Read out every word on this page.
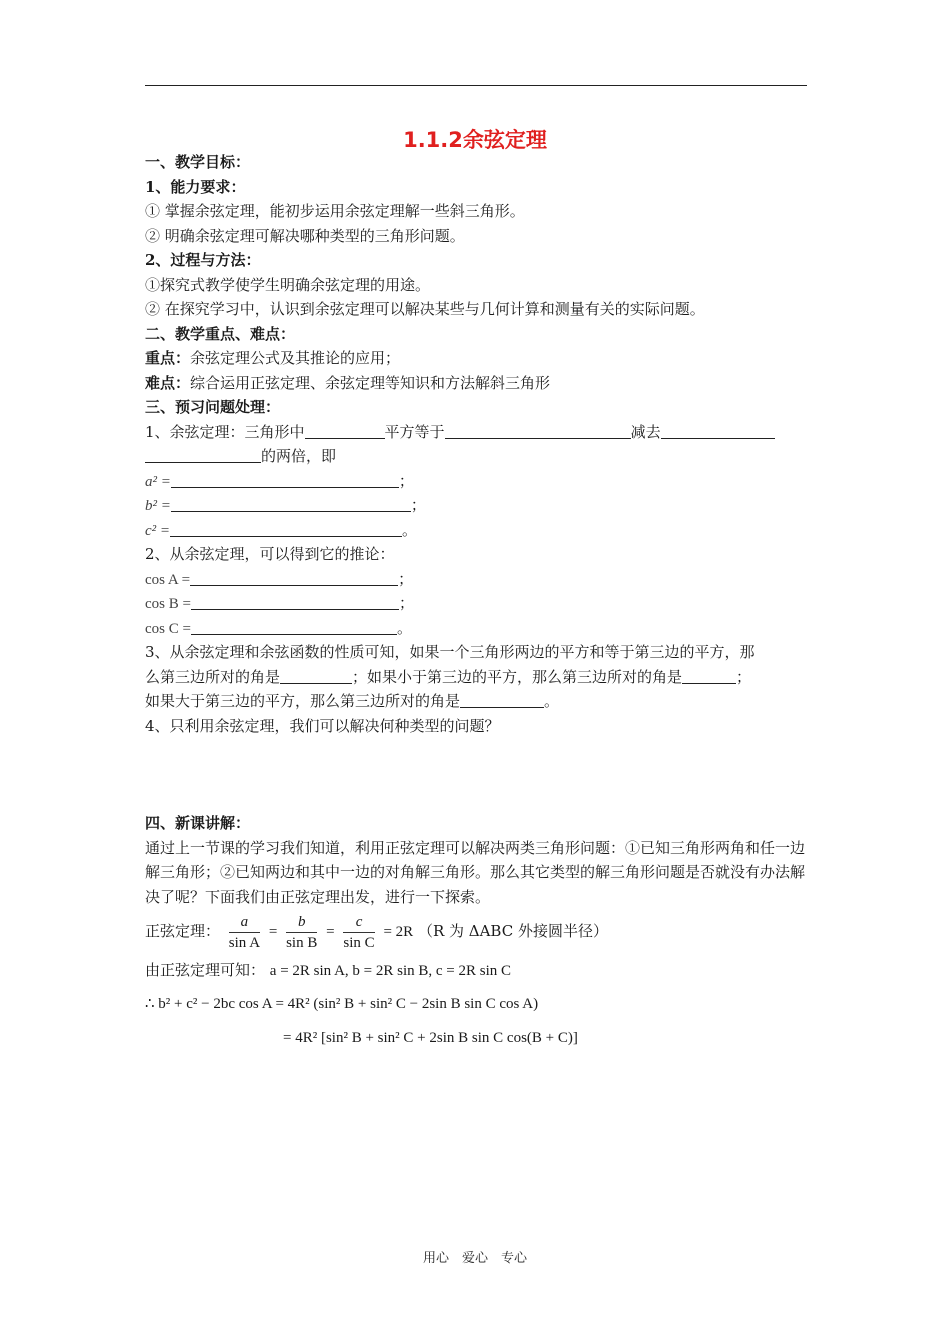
1.1.2余弦定理
一、教学目标：
1、能力要求：
① 掌握余弦定理，能初步运用余弦定理解一些斜三角形。
② 明确余弦定理可解决哪种类型的三角形问题。
2、过程与方法：
①探究式教学使学生明确余弦定理的用途。
② 在探究学习中，认识到余弦定理可以解决某些与几何计算和测量有关的实际问题。
二、教学重点、难点：
重点：余弦定理公式及其推论的应用；
难点：综合运用正弦定理、余弦定理等知识和方法解斜三角形
三、预习问题处理：
1、余弦定理：三角形中	平方等于	减去
的两倍，即
a² =	；
b² =	；
c² =	。
2、从余弦定理，可以得到它的推论：
cos A =	；
cos B =	；
cos C =	。
3、从余弦定理和余弦函数的性质可知，如果一个三角形两边的平方和等于第三边的平方，那
么第三边所对的角是	；如果小于第三边的平方，那么第三边所对的角是	；
如果大于第三边的平方，那么第三边所对的角是	。
4、只利用余弦定理，我们可以解决何种类型的问题？
四、新课讲解：
通过上一节课的学习我们知道，利用正弦定理可以解决两类三角形问题：①已知三角形两角和任一边解三角形；②已知两边和其中一边的对角解三角形。那么其它类型的解三角形问题是否就没有办法解决了呢？下面我们由正弦定理出发，进行一下探索。
正弦定理： $\frac{a}{\text{sin A}} = \frac{b}{\text{sin B}} = \frac{c}{\text{sin C}} = 2R$ （R 为 ΔABC 外接圆半径）
由正弦定理可知： a = 2R sin A, b = 2R sin B, c = 2R sin C
∴ b² + c² − 2bc cos A = 4R² (sin² B + sin² C − 2sin B sin C cos A)
= 4R² [sin² B + sin² C + 2sin B sin C cos(B + C)]
用心　爱心　专心
